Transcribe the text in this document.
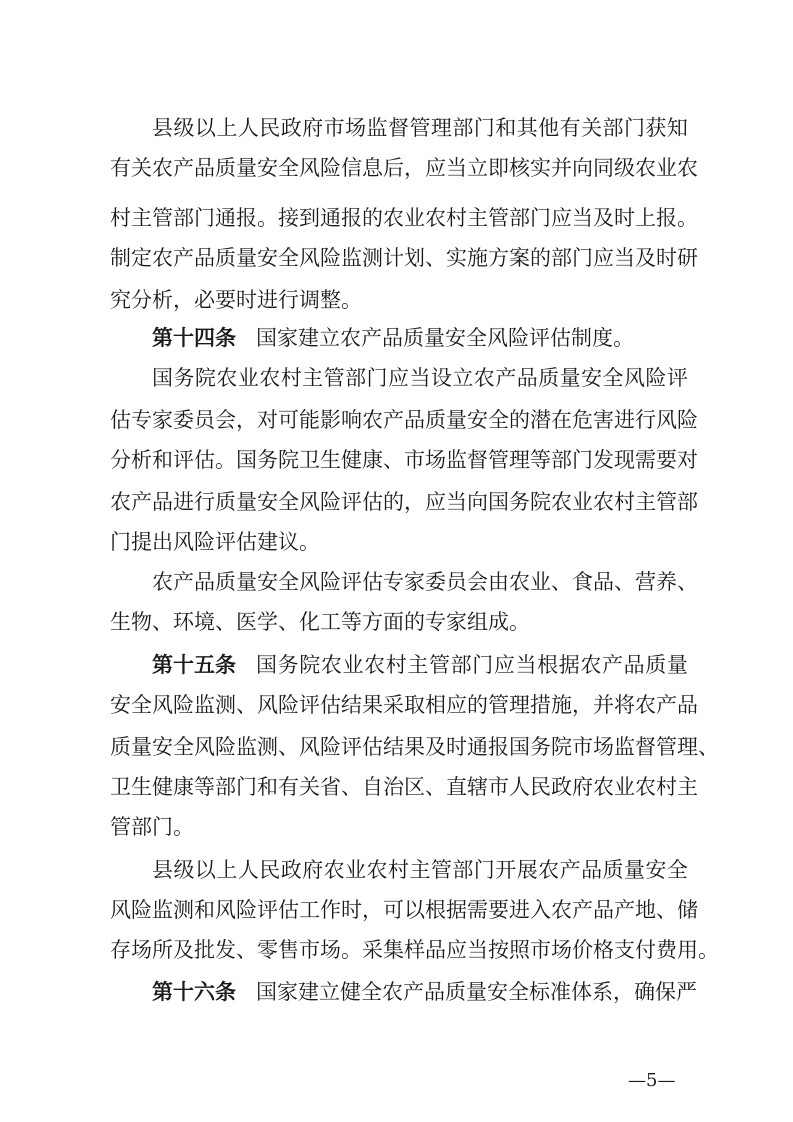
县 级 以 上 人 民 政 府 市 场 监 督 管 理 部 门 和 其 他 有 关 部 门 获 知
有 关 农 产 品 质 量 安 全 风 险 信 息 后 ， 应 当 立 即 核 实 并 向 同 级 农 业 农
村 主 管 部 门 通 报 。 接 到 通 报 的 农 业 农 村 主 管 部 门 应 当 及 时 上 报 。
制 定 农 产 品 质 量 安 全 风 险 监 测 计 划 、 实 施 方 案 的 部 门 应 当 及 时 研
究分析，必要时进行调整。
第十四条 国家建立农产品质量安全风险评估制度。
国 务 院 农 业 农 村 主 管 部 门 应 当 设 立 农 产 品 质 量 安 全 风 险 评
估 专 家 委 员 会 ， 对 可 能 影 响 农 产 品 质 量 安 全 的 潜 在 危 害 进 行 风 险
分 析 和 评 估 。 国 务 院 卫 生 健 康 、 市 场 监 督 管 理 等 部 门 发 现 需 要 对
农 产 品 进 行 质 量 安 全 风 险 评 估 的 ， 应 当 向 国 务 院 农 业 农 村 主 管 部
门提出风险评估建议。
农 产 品 质 量 安 全 风 险 评 估 专 家 委 员 会 由 农 业 、 食 品 、 营 养 、
生物、环境、医学、化工等方面的专家组成。
第十五条 国 务 院 农 业 农 村 主 管 部 门 应 当 根 据 农 产 品 质 量
安 全 风 险 监 测 、 风 险 评 估 结 果 采 取 相 应 的 管 理 措 施 ， 并 将 农 产 品
质 量 安 全 风 险 监 测 、 风 险 评 估 结 果 及 时 通 报 国 务 院 市 场 监 督 管 理 、
卫 生 健 康 等 部 门 和 有 关 省 、 自 治 区 、 直 辖 市 人 民 政 府 农 业 农 村 主
管部门。
县 级 以 上 人 民 政 府 农 业 农 村 主 管 部 门 开 展 农 产 品 质 量 安 全
风 险 监 测 和 风 险 评 估 工 作 时 ， 可 以 根 据 需 要 进 入 农 产 品 产 地 、 储
存 场 所 及 批 发 、 零 售 市 场 。 采 集 样 品 应 当 按 照 市 场 价 格 支 付 费 用 。
第十六条 国 家 建 立 健 全 农 产 品 质 量 安 全 标 准 体 系 ， 确 保 严
—5—
